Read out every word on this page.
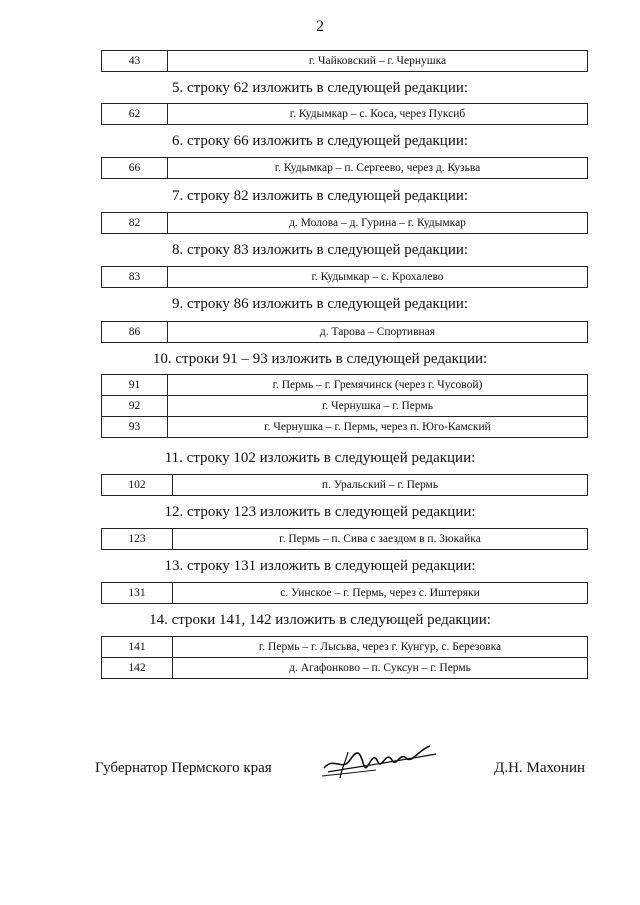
2
43	г. Чайковский – г. Чернушка
5. строку 62 изложить в следующей редакции:
62	г. Кудымкар – с. Коса, через Пуксиб
6. строку 66 изложить в следующей редакции:
66	г. Кудымкар – п. Сергеево, через д. Кузьва
7. строку 82 изложить в следующей редакции:
82	д. Молова – д. Гурина – г. Кудымкар
8. строку 83 изложить в следующей редакции:
83	г. Кудымкар – с. Крохалево
9. строку 86 изложить в следующей редакции:
86	д. Тарова – Спортивная
10. строки 91 – 93 изложить в следующей редакции:
91	г. Пермь – г. Гремячинск (через г. Чусовой)
92	г. Чернушка – г. Пермь
93	г. Чернушка – г. Пермь, через п. Юго-Камский
11. строку 102 изложить в следующей редакции:
102	п. Уральский – г. Пермь
12. строку 123 изложить в следующей редакции:
123	г. Пермь – п. Сива с заездом в п. Зюкайка
13. строку 131 изложить в следующей редакции:
131	с. Уинское – г. Пермь, через с. Иштеряки
14. строки 141, 142 изложить в следующей редакции:
141	г. Пермь – г. Лысьва, через г. Кунгур, с. Березовка
142	д. Агафонково – п. Суксун – г. Пермь
Губернатор Пермского края	Д.Н. Махонин
